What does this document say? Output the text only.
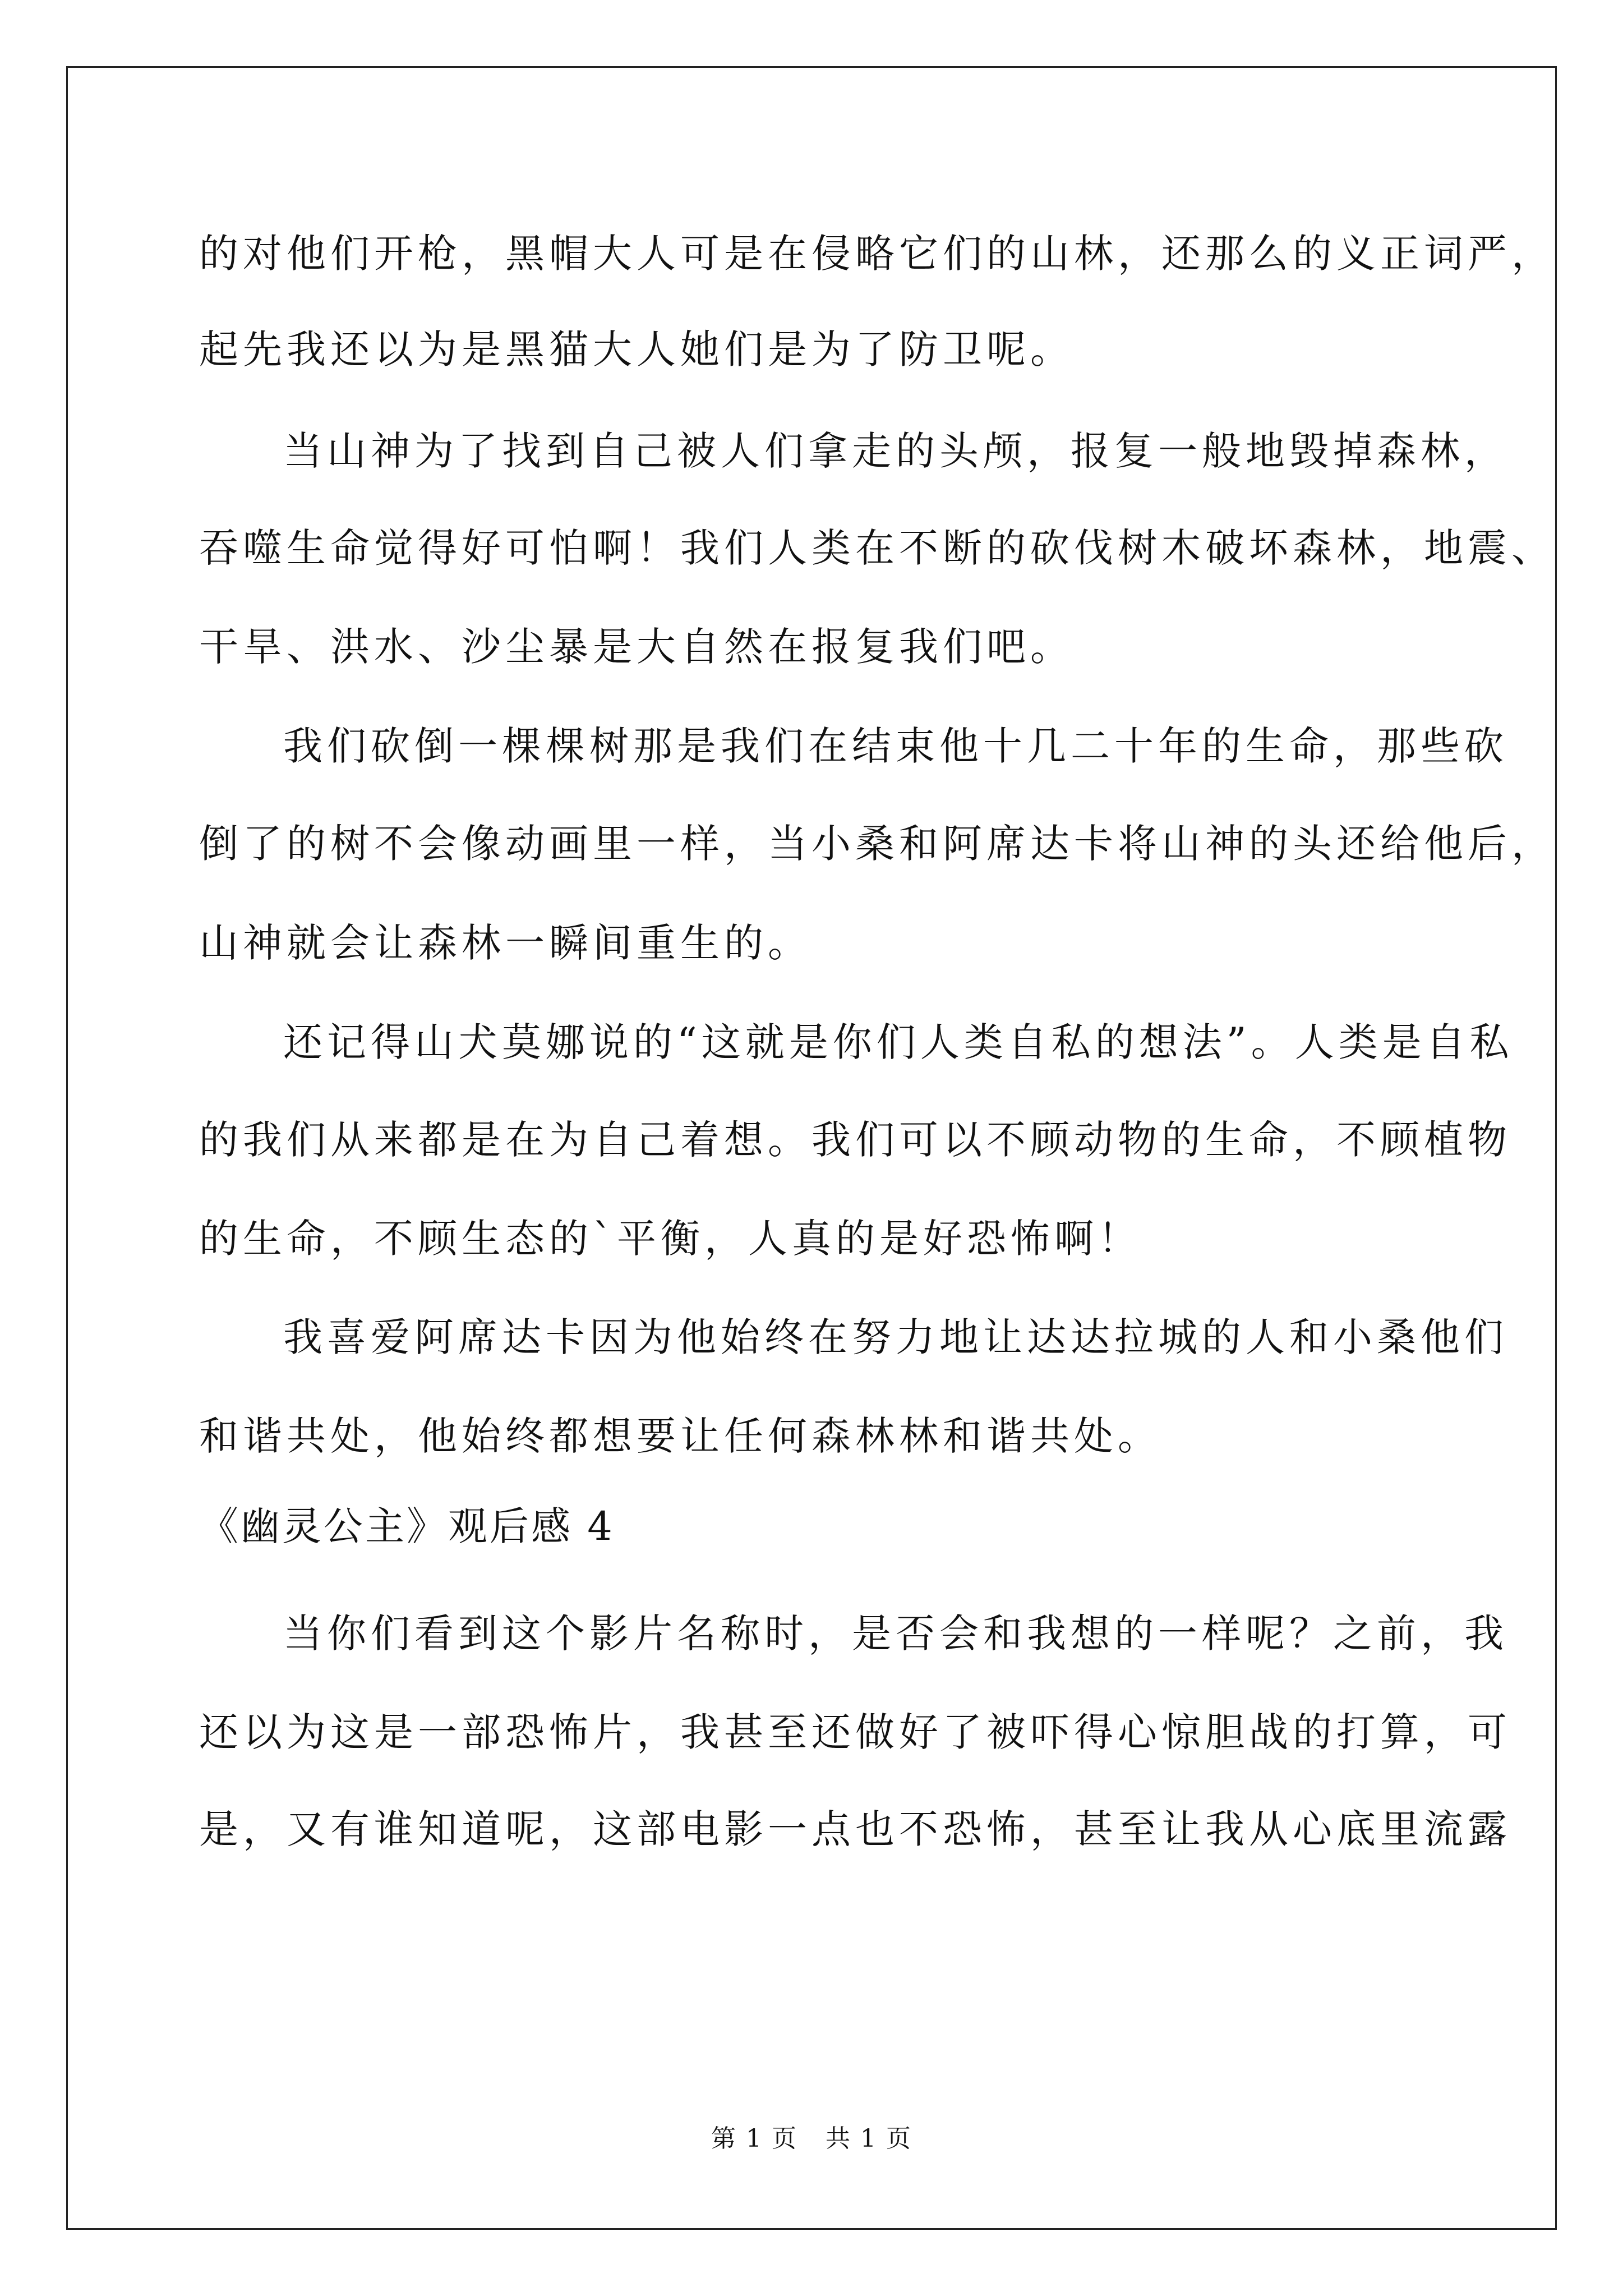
的对他们开枪，黑帽大人可是在侵略它们的山林，还那么的义正词严，
起先我还以为是黑猫大人她们是为了防卫呢。
当山神为了找到自己被人们拿走的头颅，报复一般地毁掉森林，
吞噬生命觉得好可怕啊！我们人类在不断的砍伐树木破坏森林，地震、
干旱、洪水、沙尘暴是大自然在报复我们吧。
我们砍倒一棵棵树那是我们在结束他十几二十年的生命，那些砍
倒了的树不会像动画里一样，当小桑和阿席达卡将山神的头还给他后，
山神就会让森林一瞬间重生的。
还记得山犬莫娜说的“这就是你们人类自私的想法”。人类是自私
的我们从来都是在为自己着想。我们可以不顾动物的生命，不顾植物
的生命，不顾生态的`平衡，人真的是好恐怖啊！
我喜爱阿席达卡因为他始终在努力地让达达拉城的人和小桑他们
和谐共处，他始终都想要让任何森林林和谐共处。
《幽灵公主》观后感 4
当你们看到这个影片名称时，是否会和我想的一样呢？之前，我
还以为这是一部恐怖片，我甚至还做好了被吓得心惊胆战的打算，可
是，又有谁知道呢，这部电影一点也不恐怖，甚至让我从心底里流露
第 1 页 共 1 页
